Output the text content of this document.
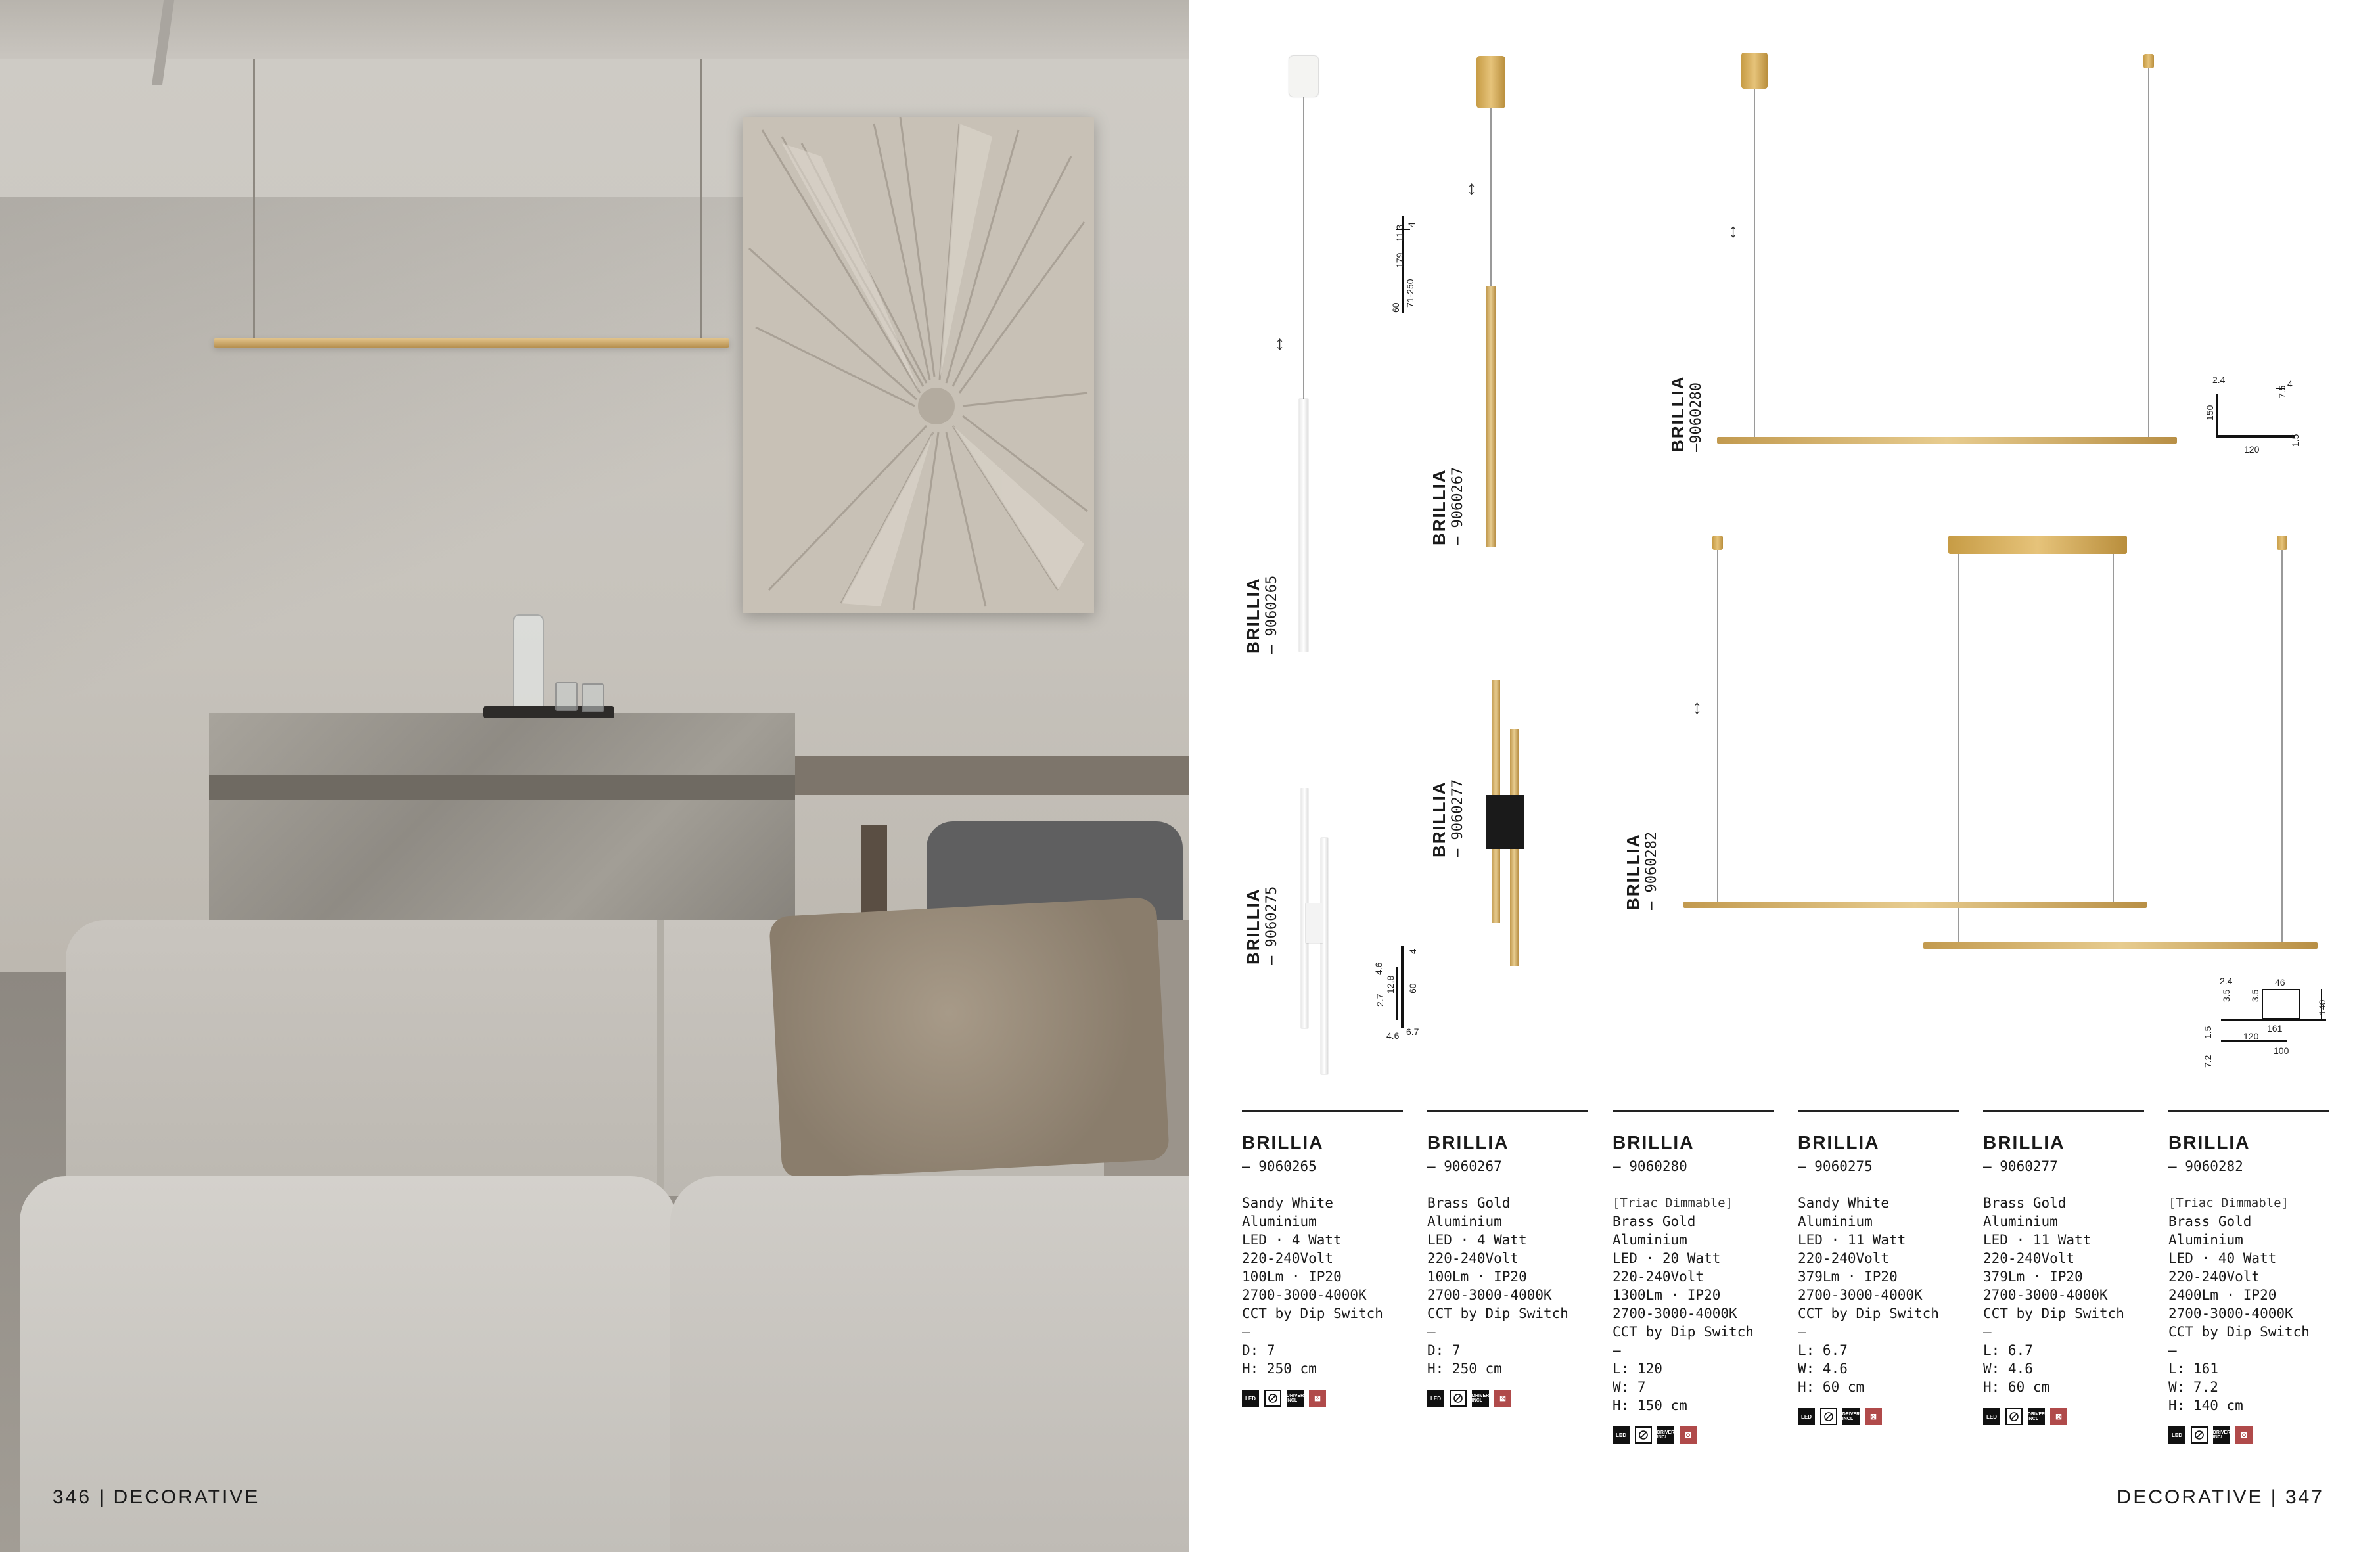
346 | DECORATIVE
↕
BRILLIA — 9060265
↕
BRILLIA — 9060267
11.3
179
71-250
60
4	↕
BRILLIA —9060280
2.4
7.5
150
120
1.5
4
BRILLIA — 9060275
4.6 6.7
60
12.8
2.7
4.6
4
BRILLIA — 9060277
↕
BRILLIA — 9060282
2.4
3.5 3.5
46
140
161
120
100
7.2
1.5
BRILLIA
— 9060265
Sandy White
Aluminium
LED · 4 Watt
220-240Volt
100Lm · IP20
2700-3000-4000K
CCT by Dip Switch
—
D: 7
H: 250 cm
LED	DRIVER INCL	⊠
BRILLIA
— 9060267
Brass Gold
Aluminium
LED · 4 Watt
220-240Volt
100Lm · IP20
2700-3000-4000K
CCT by Dip Switch
—
D: 7
H: 250 cm
LED	DRIVER INCL	⊠
BRILLIA
— 9060280
[Triac Dimmable]
Brass Gold
Aluminium
LED · 20 Watt
220-240Volt
1300Lm · IP20
2700-3000-4000K
CCT by Dip Switch
—
L: 120
W: 7
H: 150 cm
LED	DRIVER INCL	⊠
BRILLIA
— 9060275
Sandy White
Aluminium
LED · 11 Watt
220-240Volt
379Lm · IP20
2700-3000-4000K
CCT by Dip Switch
—
L: 6.7
W: 4.6
H: 60 cm
LED	DRIVER INCL	⊠
BRILLIA
— 9060277
Brass Gold
Aluminium
LED · 11 Watt
220-240Volt
379Lm · IP20
2700-3000-4000K
CCT by Dip Switch
—
L: 6.7
W: 4.6
H: 60 cm
LED	DRIVER INCL	⊠
BRILLIA
— 9060282
[Triac Dimmable]
Brass Gold
Aluminium
LED · 40 Watt
220-240Volt
2400Lm · IP20
2700-3000-4000K
CCT by Dip Switch
—
L: 161
W: 7.2
H: 140 cm
LED	DRIVER INCL	⊠
DECORATIVE | 347
